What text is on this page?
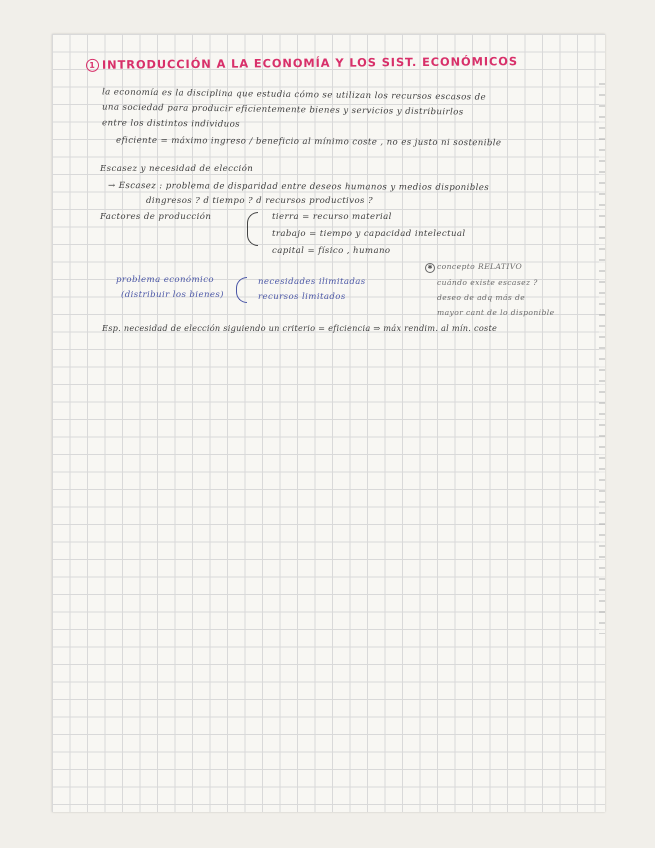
1 INTRODUCCIÓN A LA ECONOMÍA Y LOS SIST. ECONÓMICOS
la economía es la disciplina que estudia cómo se utilizan los recursos escasos de
una sociedad para producir eficientemente bienes y servicios y distribuirlos
entre los distintos individuos
eficiente = máximo ingreso / beneficio al mínimo coste , no es justo ni sostenible
Escasez y necesidad de elección
→ Escasez : problema de disparidad entre deseos humanos y medios disponibles
dingresos ? d tiempo ? d recursos productivos ?
Factores de producción	tierra = recurso material
trabajo = tiempo y capacidad intelectual
capital = físico , humano
problema económico
(distribuir los bienes)
necesidades ilimitadas
recursos limitados
✱ concepto RELATIVO
cuándo existe escasez ?
deseo de adq más de
mayor cant de lo disponible
Esp. necesidad de elección siguiendo un criterio = eficiencia ⇒ máx rendim. al mín. coste
